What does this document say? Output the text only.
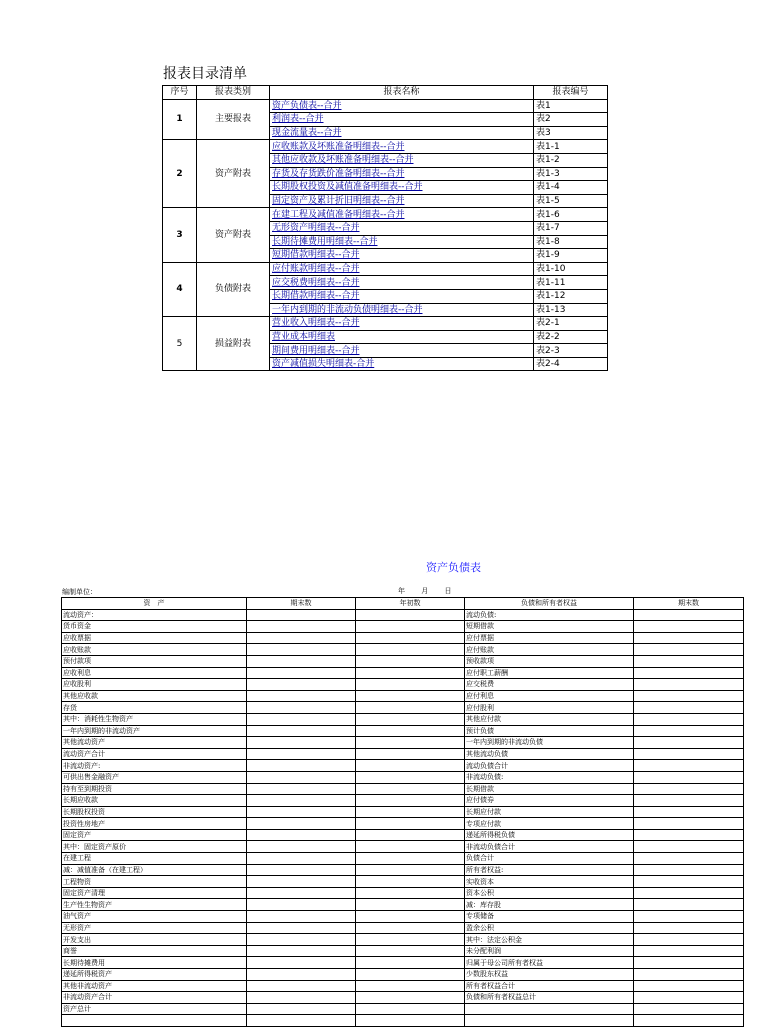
报表目录清单
序号	报表类别	报表名称	报表编号
1	主要报表	资产负债表--合并	表1
		利润表--合并	表2
		现金流量表--合并	表3
2	资产附表	应收账款及坏账准备明细表--合并	表1-1
		其他应收款及坏账准备明细表--合并	表1-2
		存货及存货跌价准备明细表--合并	表1-3
		长期股权投资及减值准备明细表--合并	表1-4
		固定资产及累计折旧明细表--合并	表1-5
3	资产附表	在建工程及减值准备明细表--合并	表1-6
		无形资产明细表--合并	表1-7
		长期待摊费用明细表--合并	表1-8
		短期借款明细表--合并	表1-9
4	负债附表	应付账款明细表--合并	表1-10
		应交税费明细表--合并	表1-11
		长期借款明细表--合并	表1-12
		一年内到期的非流动负债明细表--合并	表1-13
5	损益附表	营业收入明细表--合并	表2-1
		营业成本明细表	表2-2
		期间费用明细表--合并	表2-3
		资产减值损失明细表-合并	表2-4
资产负债表
编制单位：	年 月 日
资　产	期末数	年初数	负债和所有者权益	期末数
流动资产：			流动负债:	
货币资金			短期借款	
应收票据			应付票据	
应收账款			应付账款	
预付款项			预收款项	
应收利息			应付职工薪酬	
应收股利			应交税费	
其他应收款			应付利息	
存货			应付股利	
其中：消耗性生物资产			其他应付款	
一年内到期的非流动资产			预计负债	
其他流动资产			一年内到期的非流动负债	
流动资产合计			其他流动负债	
非流动资产:			流动负债合计	
可供出售金融资产			非流动负债:	
持有至到期投资			长期借款	
长期应收款			应付债券	
长期股权投资			长期应付款	
投资性房地产			专项应付款	
固定资产			递延所得税负债	
其中：固定资产原价			非流动负债合计	
在建工程			负债合计	
减：减值准备（在建工程）			所有者权益:	
工程物资			实收资本	
固定资产清理			资本公积	
生产性生物资产			减：库存股	
油气资产			专项储备	
无形资产			盈余公积	
开发支出			其中：法定公积金	
商誉			未分配利润	
长期待摊费用			归属于母公司所有者权益	
递延所得税资产			少数股东权益	
其他非流动资产			所有者权益合计	
非流动资产合计			负债和所有者权益总计	
资产总计				
